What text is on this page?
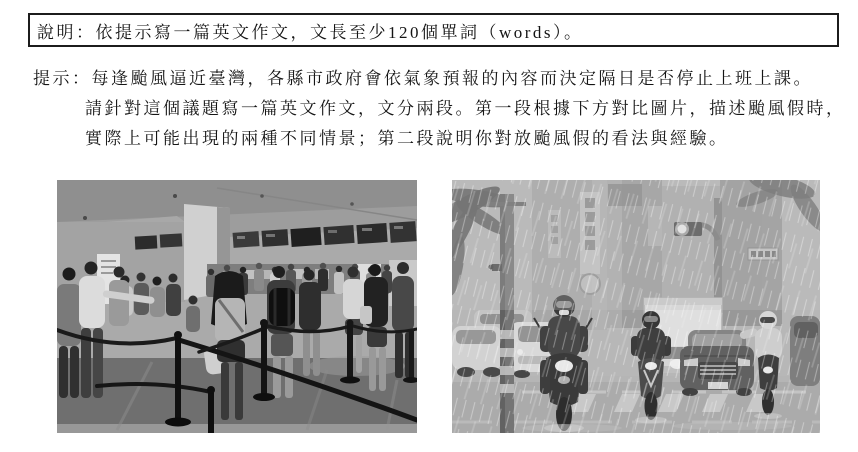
說明：依提示寫一篇英文作文，文長至少120個單詞（words）。
提示：每逢颱風逼近臺灣，各縣市政府會依氣象預報的內容而決定隔日是否停止上班上課。
請針對這個議題寫一篇英文作文，文分兩段。第一段根據下方對比圖片，描述颱風假時，
實際上可能出現的兩種不同情景；第二段說明你對放颱風假的看法與經驗。
